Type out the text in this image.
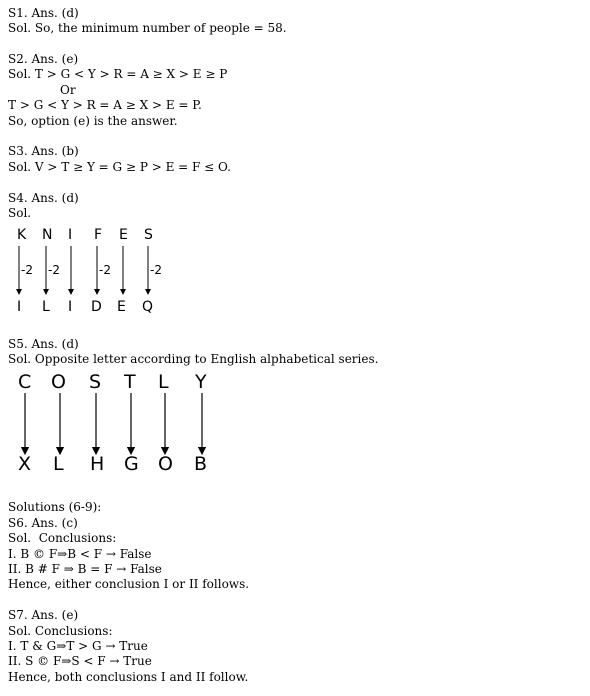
S1. Ans. (d)
Sol. So, the minimum number of people = 58.
S2. Ans. (e)
Sol. T > G < Y > R = A ≥ X > E ≥ P
Or
T > G < Y > R = A ≥ X > E = P.
So, option (e) is the answer.
S3. Ans. (b)
Sol. V > T ≥ Y = G ≥ P > E = F ≤ O.
S4. Ans. (d)
Sol.
K N I F E S
-2 -2	-2	-2
I L I D E Q
S5. Ans. (d)
Sol. Opposite letter according to English alphabetical series.
C O S T L Y
X L H G O B
Solutions (6-9):
S6. Ans. (c)
Sol.  Conclusions:
I. B © F⇒B < F → False
II. B # F ⇒ B = F → False
Hence, either conclusion I or II follows.
S7. Ans. (e)
Sol. Conclusions:
I. T & G⇒T > G → True
II. S © F⇒S < F → True
Hence, both conclusions I and II follow.
